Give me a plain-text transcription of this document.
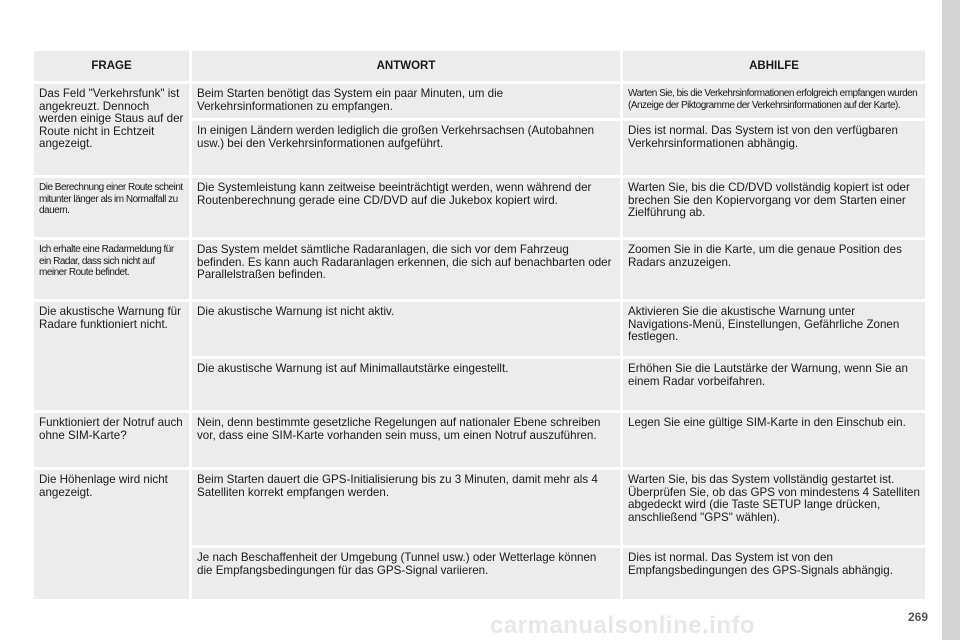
FRAGE	ANTWORT	ABHILFE
Das Feld "Verkehrsfunk" ist angekreuzt. Dennoch werden einige Staus auf der Route nicht in Echtzeit angezeigt.	Beim Starten benötigt das System ein paar Minuten, um die Verkehrsinformationen zu empfangen.	Warten Sie, bis die Verkehrsinformationen erfolgreich empfangen wurden (Anzeige der Piktogramme der Verkehrsinformationen auf der Karte).
	In einigen Ländern werden lediglich die großen Verkehrsachsen (Autobahnen usw.) bei den Verkehrsinformationen aufgeführt.	Dies ist normal. Das System ist von den verfügbaren Verkehrsinformationen abhängig.
Die Berechnung einer Route scheint mitunter länger als im Normalfall zu dauern.	Die Systemleistung kann zeitweise beeinträchtigt werden, wenn während der Routenberechnung gerade eine CD/DVD auf die Jukebox kopiert wird.	Warten Sie, bis die CD/DVD vollständig kopiert ist oder brechen Sie den Kopiervorgang vor dem Starten einer Zielführung ab.
Ich erhalte eine Radarmeldung für ein Radar, dass sich nicht auf meiner Route befindet.	Das System meldet sämtliche Radaranlagen, die sich vor dem Fahrzeug befinden. Es kann auch Radaranlagen erkennen, die sich auf benachbarten oder Parallelstraßen befinden.	Zoomen Sie in die Karte, um die genaue Position des Radars anzuzeigen.
Die akustische Warnung für Radare funktioniert nicht.	Die akustische Warnung ist nicht aktiv.	Aktivieren Sie die akustische Warnung unter Navigations-Menü, Einstellungen, Gefährliche Zonen festlegen.
	Die akustische Warnung ist auf Minimallautstärke eingestellt.	Erhöhen Sie die Lautstärke der Warnung, wenn Sie an einem Radar vorbeifahren.
Funktioniert der Notruf auch ohne SIM-Karte?	Nein, denn bestimmte gesetzliche Regelungen auf nationaler Ebene schreiben vor, dass eine SIM-Karte vorhanden sein muss, um einen Notruf auszuführen.	Legen Sie eine gültige SIM-Karte in den Einschub ein.
Die Höhenlage wird nicht angezeigt.	Beim Starten dauert die GPS-Initialisierung bis zu 3 Minuten, damit mehr als 4 Satelliten korrekt empfangen werden.	Warten Sie, bis das System vollständig gestartet ist. Überprüfen Sie, ob das GPS von mindestens 4 Satelliten abgedeckt wird (die Taste SETUP lange drücken, anschließend "GPS" wählen).
	Je nach Beschaffenheit der Umgebung (Tunnel usw.) oder Wetterlage können die Empfangsbedingungen für das GPS-Signal variieren.	Dies ist normal. Das System ist von den Empfangsbedingungen des GPS-Signals abhängig.
carmanualsonline.info	269
